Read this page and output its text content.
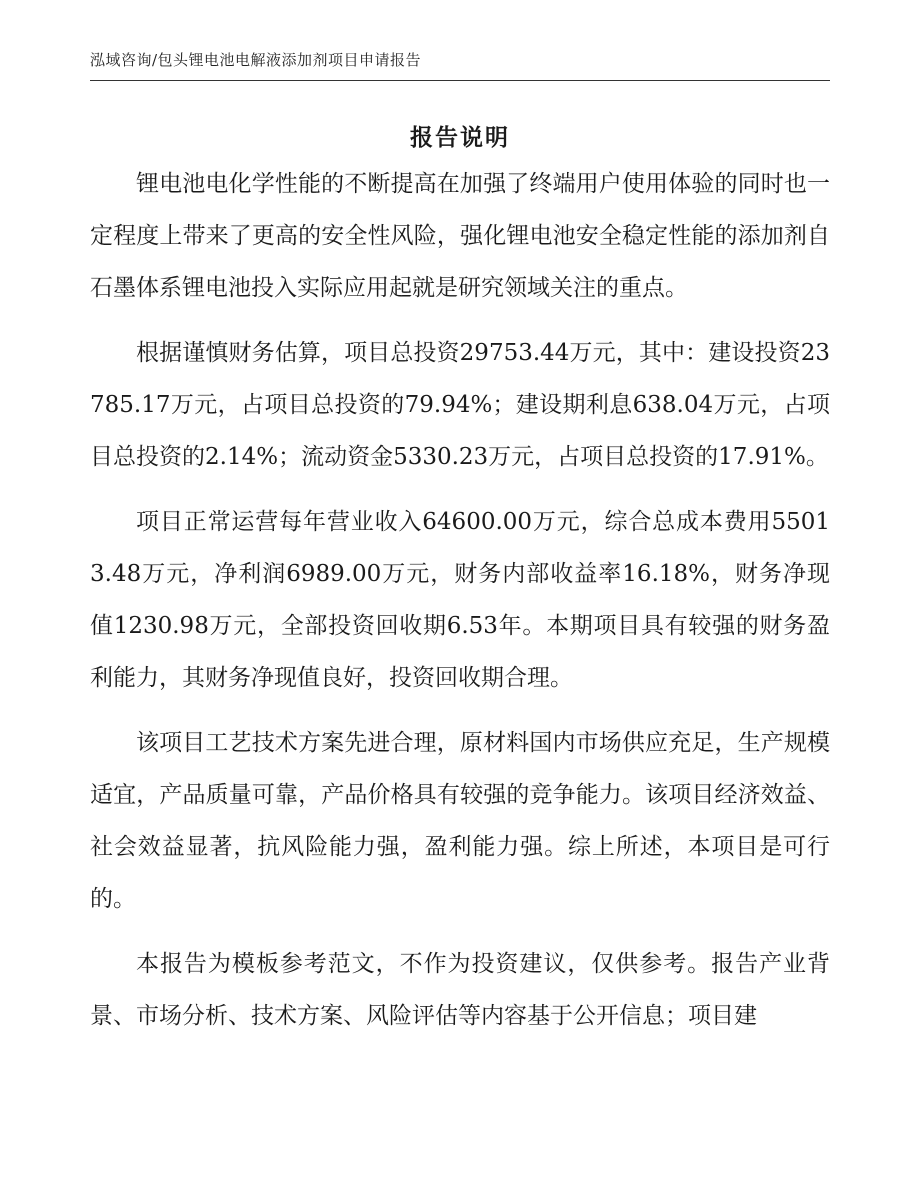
泓域咨询/包头锂电池电解液添加剂项目申请报告
报告说明

锂电池电化学性能的不断提高在加强了终端用户使用体验的同时也一定程度上带来了更高的安全性风险，强化锂电池安全稳定性能的添加剂自石墨体系锂电池投入实际应用起就是研究领域关注的重点。

根据谨慎财务估算，项目总投资29753.44万元，其中：建设投资23785.17万元，占项目总投资的79.94%；建设期利息638.04万元，占项目总投资的2.14%；流动资金5330.23万元，占项目总投资的17.91%。

项目正常运营每年营业收入64600.00万元，综合总成本费用55013.48万元，净利润6989.00万元，财务内部收益率16.18%，财务净现值1230.98万元，全部投资回收期6.53年。本期项目具有较强的财务盈利能力，其财务净现值良好，投资回收期合理。

该项目工艺技术方案先进合理，原材料国内市场供应充足，生产规模适宜，产品质量可靠，产品价格具有较强的竞争能力。该项目经济效益、社会效益显著，抗风险能力强，盈利能力强。综上所述，本项目是可行的。

本报告为模板参考范文，不作为投资建议，仅供参考。报告产业背景、市场分析、技术方案、风险评估等内容基于公开信息；项目建
